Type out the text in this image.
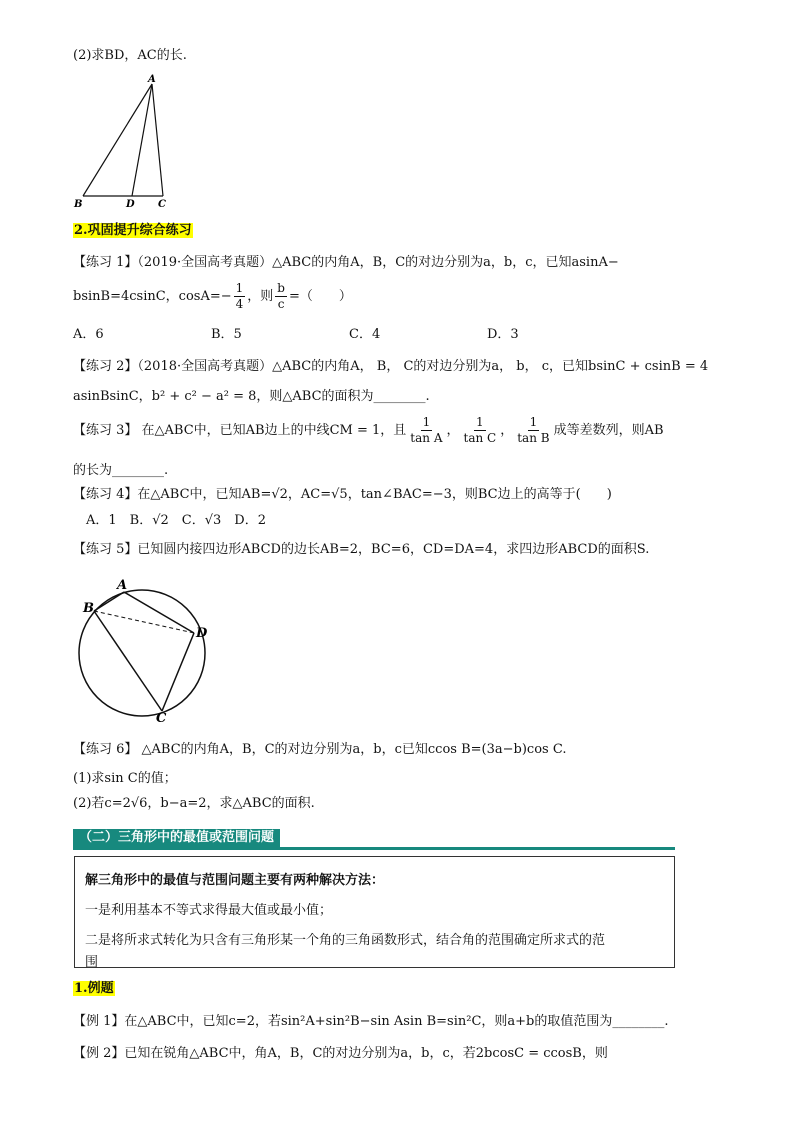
(2)求BD，AC的长.
A
B	D C
2.巩固提升综合练习
【练习 1】（2019·全国高考真题）△ABC的内角A，B，C的对边分别为a，b，c，已知asinA−
bsinB=4csinC，$\cos A=- \frac{1}{4}$ ，则 $\frac{b}{c}$ =（　　）
A．6	B．5	C．4	D．3
【练习 2】（2018·全国高考真题）△ABC的内角A， B， C的对边分别为a， b， c，已知bsinC + csinB = 4
asinBsinC，b² + c² − a² = 8，则△ABC的面积为________.
【练习 3】 在△ABC中，已知AB边上的中线CM = 1，且 $\frac{1}{\text{tan A}}$ ， $\frac{1}{\text{tan C}}$ ， $\frac{1}{\text{tan B}}$ 成等差数列，则AB
的长为________.
【练习 4】在△ABC中，已知AB=√2，AC=√5，tan∠BAC=−3，则BC边上的高等于(　　)
A．1　B．√2　C．√3　D．2
【练习 5】已知圆内接四边形ABCD的边长AB=2，BC=6，CD=DA=4，求四边形ABCD的面积S.
A
B
D
C
【练习 6】 △ABC的内角A，B，C的对边分别为a，b，c已知ccos B=(3a−b)cos C.
(1)求sin C的值；
(2)若c=2√6，b−a=2，求△ABC的面积.
（二）三角形中的最值或范围问题
解三角形中的最值与范围问题主要有两种解决方法：
一是利用基本不等式求得最大值或最小值；
二是将所求式转化为只含有三角形某一个角的三角函数形式，结合角的范围确定所求式的范
围
1.例题
【例 1】在△ABC中，已知c=2，若sin²A+sin²B−sin Asin B=sin²C，则a+b的取值范围为________.
【例 2】已知在锐角△ABC中，角A，B，C的对边分别为a，b，c，若2bcosC = ccosB，则
